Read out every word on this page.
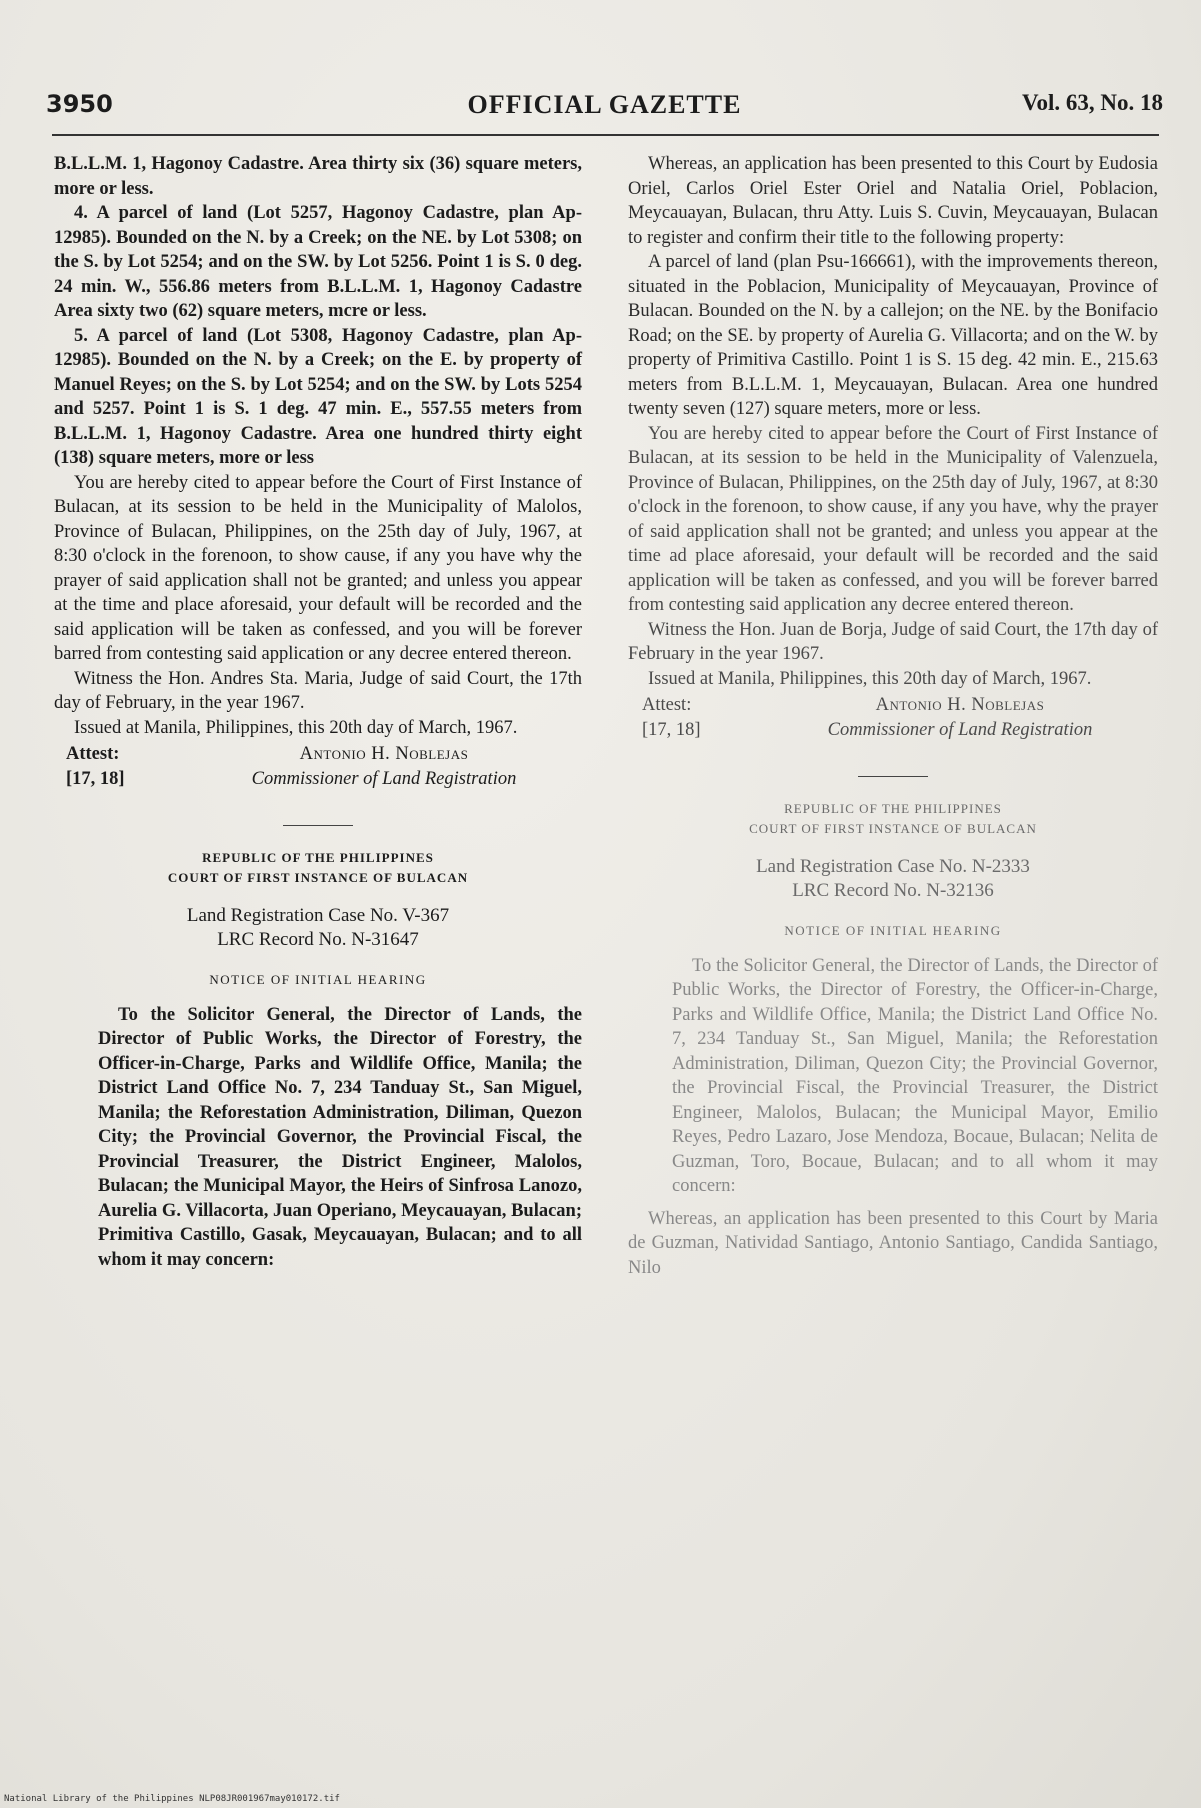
OFFICIAL GAZETTE
3950	Vol. 63, No. 18

B.L.L.M. 1, Hagonoy Cadastre. Area thirty six (36) square meters, more or less.

4. A parcel of land (Lot 5257, Hagonoy Cadastre, plan Ap-12985). Bounded on the N. by a Creek; on the NE. by Lot 5308; on the S. by Lot 5254; and on the SW. by Lot 5256. Point 1 is S. 0 deg. 24 min. W., 556.86 meters from B.L.L.M. 1, Hagonoy Cadastre Area sixty two (62) square meters, mcre or less.

5. A parcel of land (Lot 5308, Hagonoy Cadastre, plan Ap-12985). Bounded on the N. by a Creek; on the E. by property of Manuel Reyes; on the S. by Lot 5254; and on the SW. by Lots 5254 and 5257. Point 1 is S. 1 deg. 47 min. E., 557.55 meters from B.L.L.M. 1, Hagonoy Cadastre. Area one hundred thirty eight (138) square meters, more or less

You are hereby cited to appear before the Court of First Instance of Bulacan, at its session to be held in the Municipality of Malolos, Province of Bulacan, Philippines, on the 25th day of July, 1967, at 8:30 o'clock in the forenoon, to show cause, if any you have why the prayer of said application shall not be granted; and unless you appear at the time and place aforesaid, your default will be recorded and the said application will be taken as confessed, and you will be forever barred from contesting said application or any decree entered thereon.

Witness the Hon. Andres Sta. Maria, Judge of said Court, the 17th day of February, in the year 1967.

Issued at Manila, Philippines, this 20th day of March, 1967.

Attest:
[17, 18]
Antonio H. Noblejas
Commissioner of Land Registration
REPUBLIC OF THE PHILIPPINES
COURT OF FIRST INSTANCE OF BULACAN
Land Registration Case No. V-367
LRC Record No. N-31647
NOTICE OF INITIAL HEARING

To the Solicitor General, the Director of Lands, the Director of Public Works, the Director of Forestry, the Officer-in-Charge, Parks and Wildlife Office, Manila; the District Land Office No. 7, 234 Tanduay St., San Miguel, Manila; the Reforestation Administration, Diliman, Quezon City; the Provincial Governor, the Provincial Fiscal, the Provincial Treasurer, the District Engineer, Malolos, Bulacan; the Municipal Mayor, the Heirs of Sinfrosa Lanozo, Aurelia G. Villacorta, Juan Operiano, Meycauayan, Bulacan; Primitiva Castillo, Gasak, Meycauayan, Bulacan; and to all whom it may concern:

Whereas, an application has been presented to this Court by Eudosia Oriel, Carlos Oriel Ester Oriel and Natalia Oriel, Poblacion, Meycauayan, Bulacan, thru Atty. Luis S. Cuvin, Meycauayan, Bulacan to register and confirm their title to the following property:

A parcel of land (plan Psu-166661), with the improvements thereon, situated in the Poblacion, Municipality of Meycauayan, Province of Bulacan. Bounded on the N. by a callejon; on the NE. by the Bonifacio Road; on the SE. by property of Aurelia G. Villacorta; and on the W. by property of Primitiva Castillo. Point 1 is S. 15 deg. 42 min. E., 215.63 meters from B.L.L.M. 1, Meycauayan, Bulacan. Area one hundred twenty seven (127) square meters, more or less.

You are hereby cited to appear before the Court of First Instance of Bulacan, at its session to be held in the Municipality of Valenzuela, Province of Bulacan, Philippines, on the 25th day of July, 1967, at 8:30 o'clock in the forenoon, to show cause, if any you have, why the prayer of said application shall not be granted; and unless you appear at the time ad place aforesaid, your default will be recorded and the said application will be taken as confessed, and you will be forever barred from contesting said application any decree entered thereon.

Witness the Hon. Juan de Borja, Judge of said Court, the 17th day of February in the year 1967.

Issued at Manila, Philippines, this 20th day of March, 1967.

Attest:
[17, 18]
Antonio H. Noblejas
Commissioner of Land Registration
REPUBLIC OF THE PHILIPPINES
COURT OF FIRST INSTANCE OF BULACAN
Land Registration Case No. N-2333
LRC Record No. N-32136
NOTICE OF INITIAL HEARING

To the Solicitor General, the Director of Lands, the Director of Public Works, the Director of Forestry, the Officer-in-Charge, Parks and Wildlife Office, Manila; the District Land Office No. 7, 234 Tanduay St., San Miguel, Manila; the Reforestation Administration, Diliman, Quezon City; the Provincial Governor, the Provincial Fiscal, the Provincial Treasurer, the District Engineer, Malolos, Bulacan; the Municipal Mayor, Emilio Reyes, Pedro Lazaro, Jose Mendoza, Bocaue, Bulacan; Nelita de Guzman, Toro, Bocaue, Bulacan; and to all whom it may concern:

Whereas, an application has been presented to this Court by Maria de Guzman, Natividad Santiago, Antonio Santiago, Candida Santiago, Nilo

National Library of the Philippines NLP08JR001967may010172.tif
